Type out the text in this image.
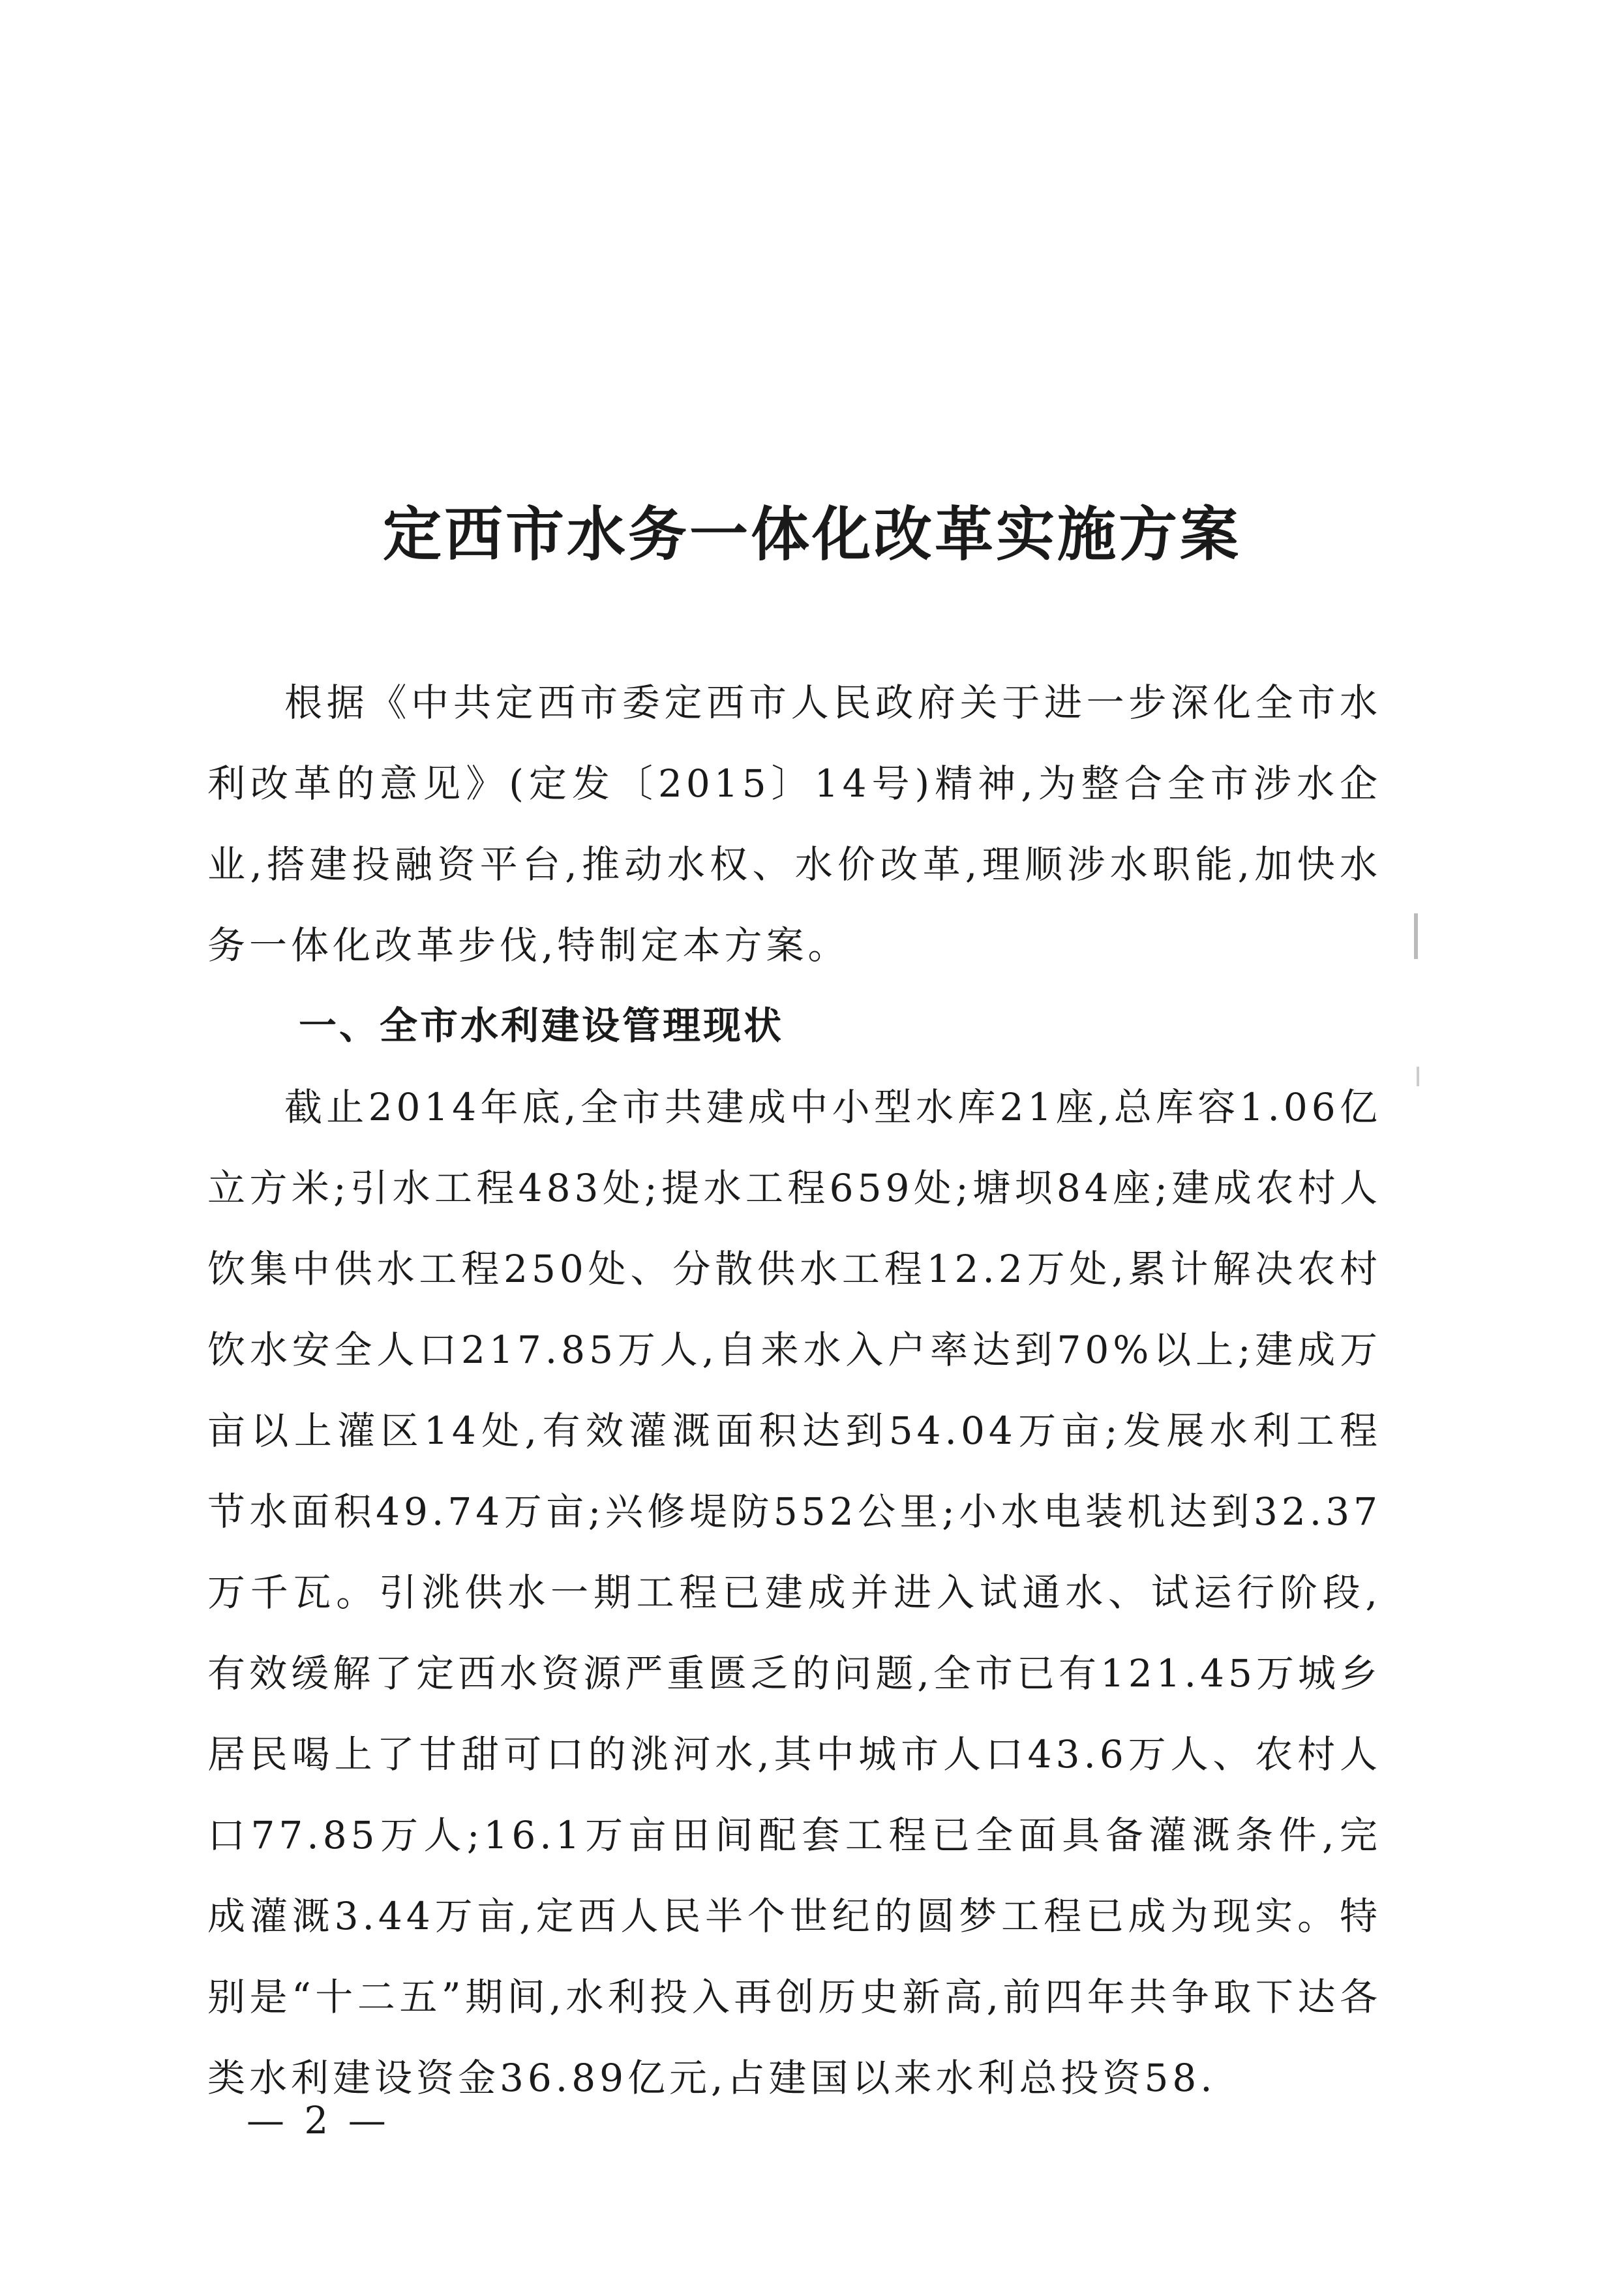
定西市水务一体化改革实施方案
根据《中共定西市委定西市人民政府关于进一步深化全市水利改革的意见》(定发〔2015〕14号)精神,为整合全市涉水企业,搭建投融资平台,推动水权、水价改革,理顺涉水职能,加快水务一体化改革步伐,特制定本方案。
一、全市水利建设管理现状
截止2014年底,全市共建成中小型水库21座,总库容1.06亿立方米;引水工程483处;提水工程659处;塘坝84座;建成农村人饮集中供水工程250处、分散供水工程12.2万处,累计解决农村饮水安全人口217.85万人,自来水入户率达到70%以上;建成万亩以上灌区14处,有效灌溉面积达到54.04万亩;发展水利工程节水面积49.74万亩;兴修堤防552公里;小水电装机达到32.37万千瓦。引洮供水一期工程已建成并进入试通水、试运行阶段,有效缓解了定西水资源严重匮乏的问题,全市已有121.45万城乡居民喝上了甘甜可口的洮河水,其中城市人口43.6万人、农村人口77.85万人;16.1万亩田间配套工程已全面具备灌溉条件,完成灌溉3.44万亩,定西人民半个世纪的圆梦工程已成为现实。特别是“十二五”期间,水利投入再创历史新高,前四年共争取下达各类水利建设资金36.89亿元,占建国以来水利总投资58.
— 2 —
